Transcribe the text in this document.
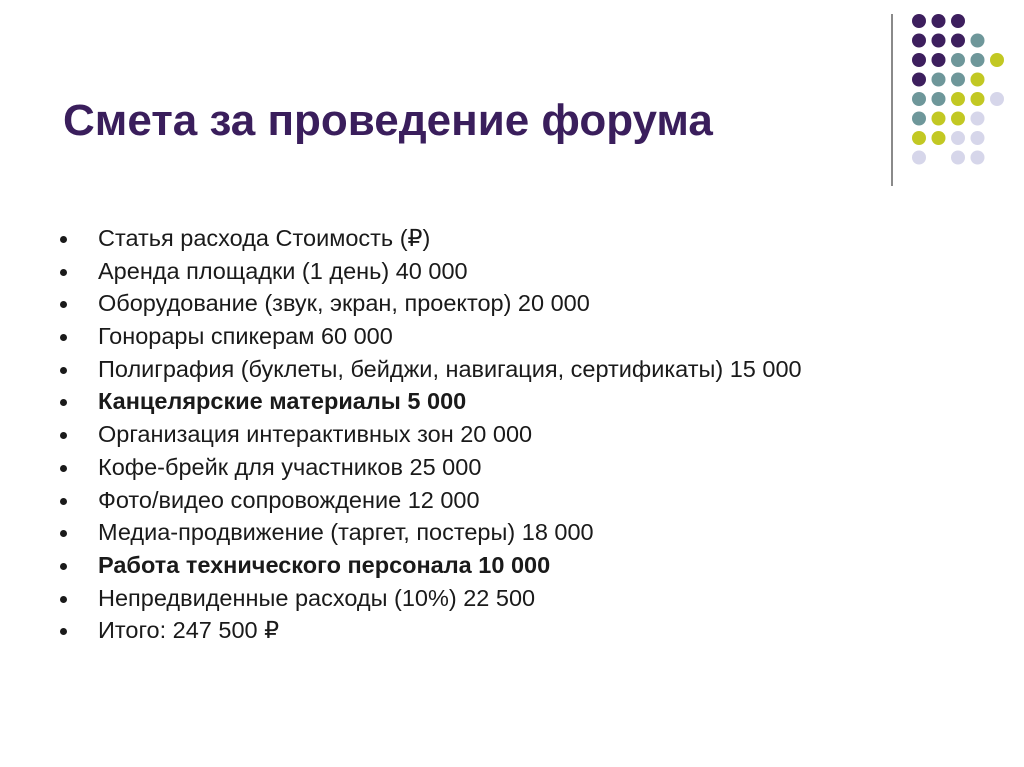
Смета за проведение форума
Статья расхода Стоимость (₽)
Аренда площадки (1 день) 40 000
Оборудование (звук, экран, проектор) 20 000
Гонорары спикерам 60 000
Полиграфия (буклеты, бейджи, навигация, сертификаты) 15 000
Канцелярские материалы 5 000
Организация интерактивных зон 20 000
Кофе-брейк для участников 25 000
Фото/видео сопровождение 12 000
Медиа-продвижение (таргет, постеры) 18 000
Работа технического персонала 10 000
Непредвиденные расходы (10%) 22 500
Итого: 247 500 ₽
